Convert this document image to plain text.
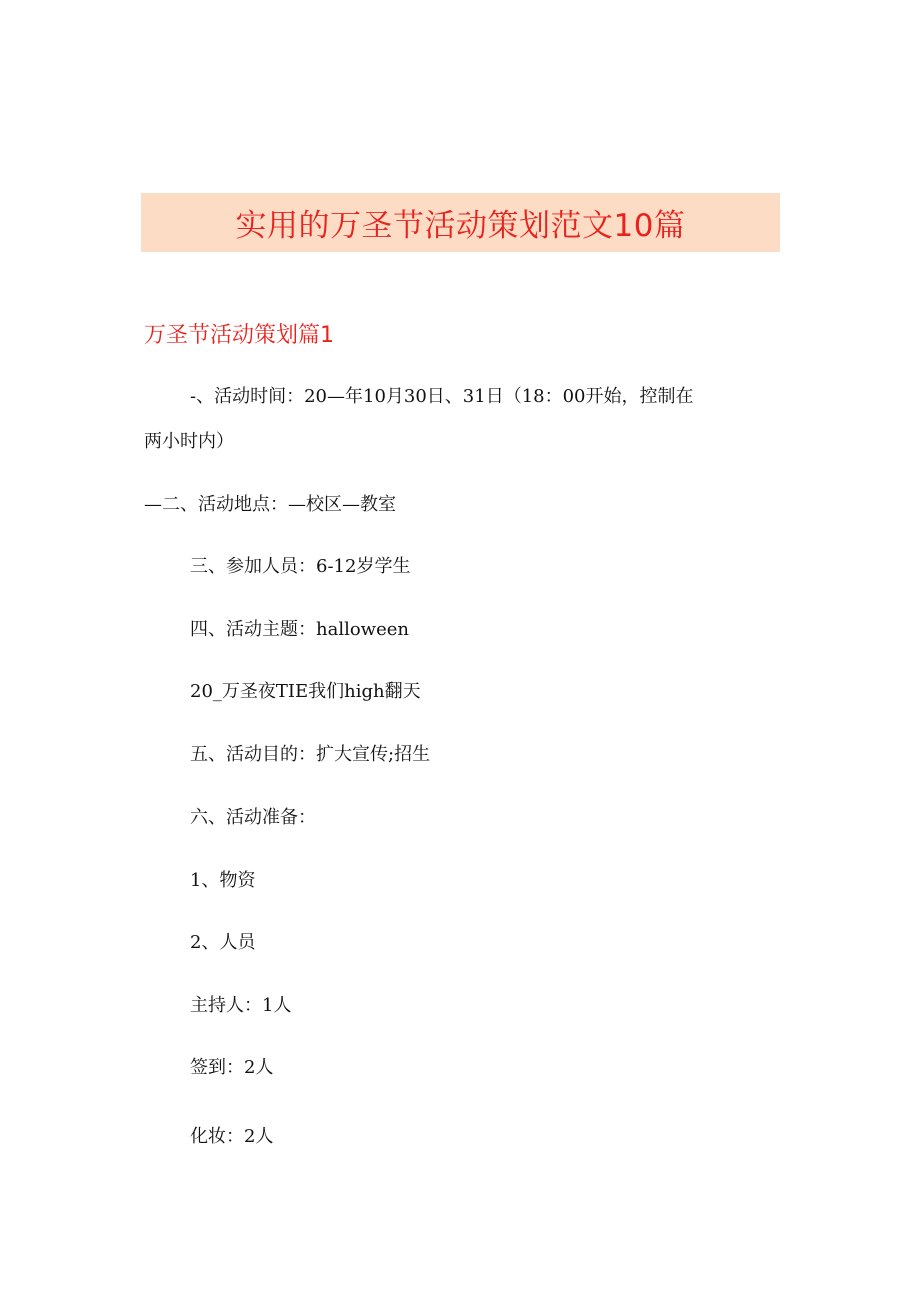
实用的万圣节活动策划范文10篇
万圣节活动策划篇1
-、活动时间：20—年10月30日、31日（18：00开始，控制在
两小时内）
—二、活动地点：—校区—教室
三、参加人员：6-12岁学生
四、活动主题：halloween
20_万圣夜TIE我们high翻天
五、活动目的：扩大宣传;招生
六、活动准备：
1、物资
2、人员
主持人：1人
签到：2人
化妆：2人
